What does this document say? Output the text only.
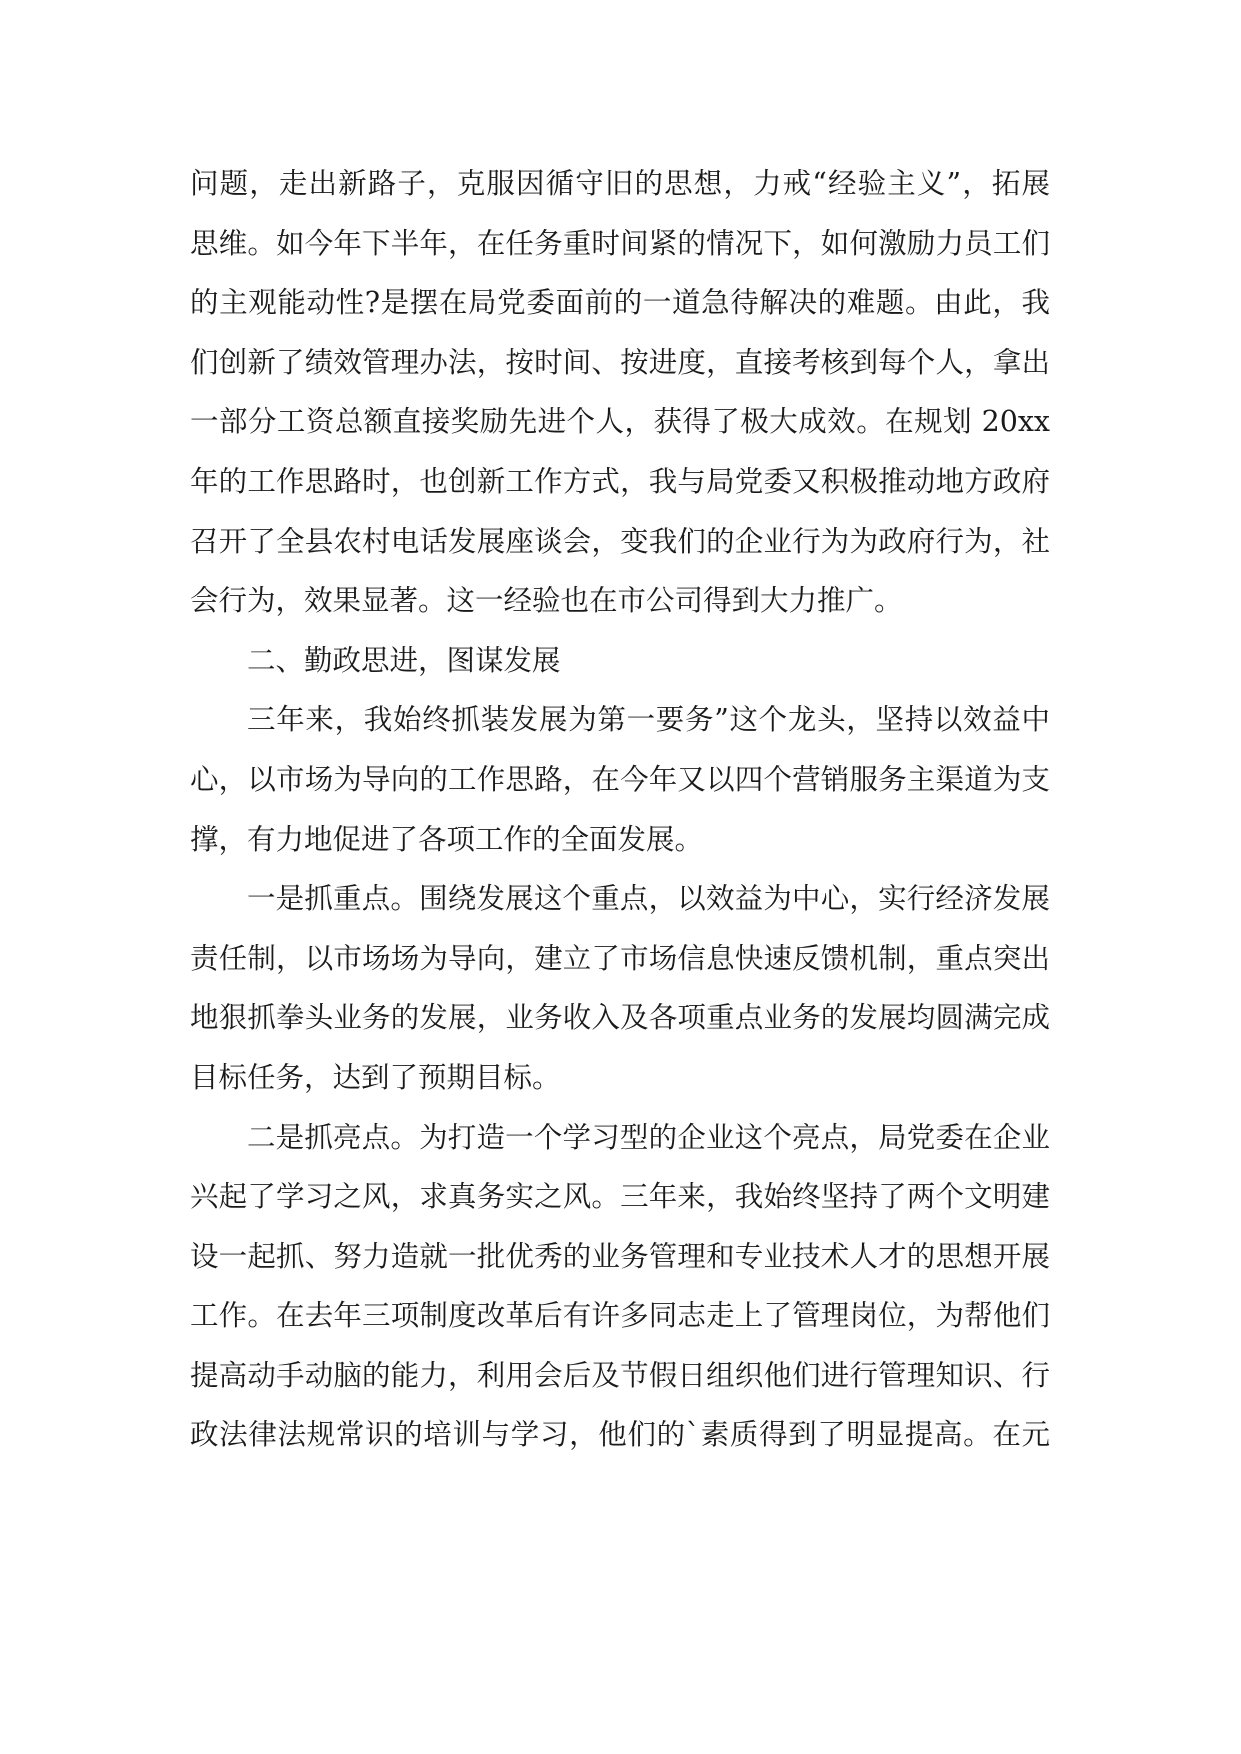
问题，走出新路子，克服因循守旧的思想，力戒“经验主义”，拓展
思维。如今年下半年，在任务重时间紧的情况下，如何激励力员工们
的主观能动性?是摆在局党委面前的一道急待解决的难题。由此，我
们创新了绩效管理办法，按时间、按进度，直接考核到每个人，拿出
一部分工资总额直接奖励先进个人，获得了极大成效。在规划 20xx
年的工作思路时，也创新工作方式，我与局党委又积极推动地方政府
召开了全县农村电话发展座谈会，变我们的企业行为为政府行为，社
会行为，效果显著。这一经验也在市公司得到大力推广。
二、勤政思进，图谋发展
三年来，我始终抓装发展为第一要务”这个龙头，坚持以效益中
心，以市场为导向的工作思路，在今年又以四个营销服务主渠道为支
撑，有力地促进了各项工作的全面发展。
一是抓重点。围绕发展这个重点，以效益为中心，实行经济发展
责任制，以市场场为导向，建立了市场信息快速反馈机制，重点突出
地狠抓拳头业务的发展，业务收入及各项重点业务的发展均圆满完成
目标任务，达到了预期目标。
二是抓亮点。为打造一个学习型的企业这个亮点，局党委在企业
兴起了学习之风，求真务实之风。三年来，我始终坚持了两个文明建
设一起抓、努力造就一批优秀的业务管理和专业技术人才的思想开展
工作。在去年三项制度改革后有许多同志走上了管理岗位，为帮他们
提高动手动脑的能力，利用会后及节假日组织他们进行管理知识、行
政法律法规常识的培训与学习，他们的`素质得到了明显提高。在元
